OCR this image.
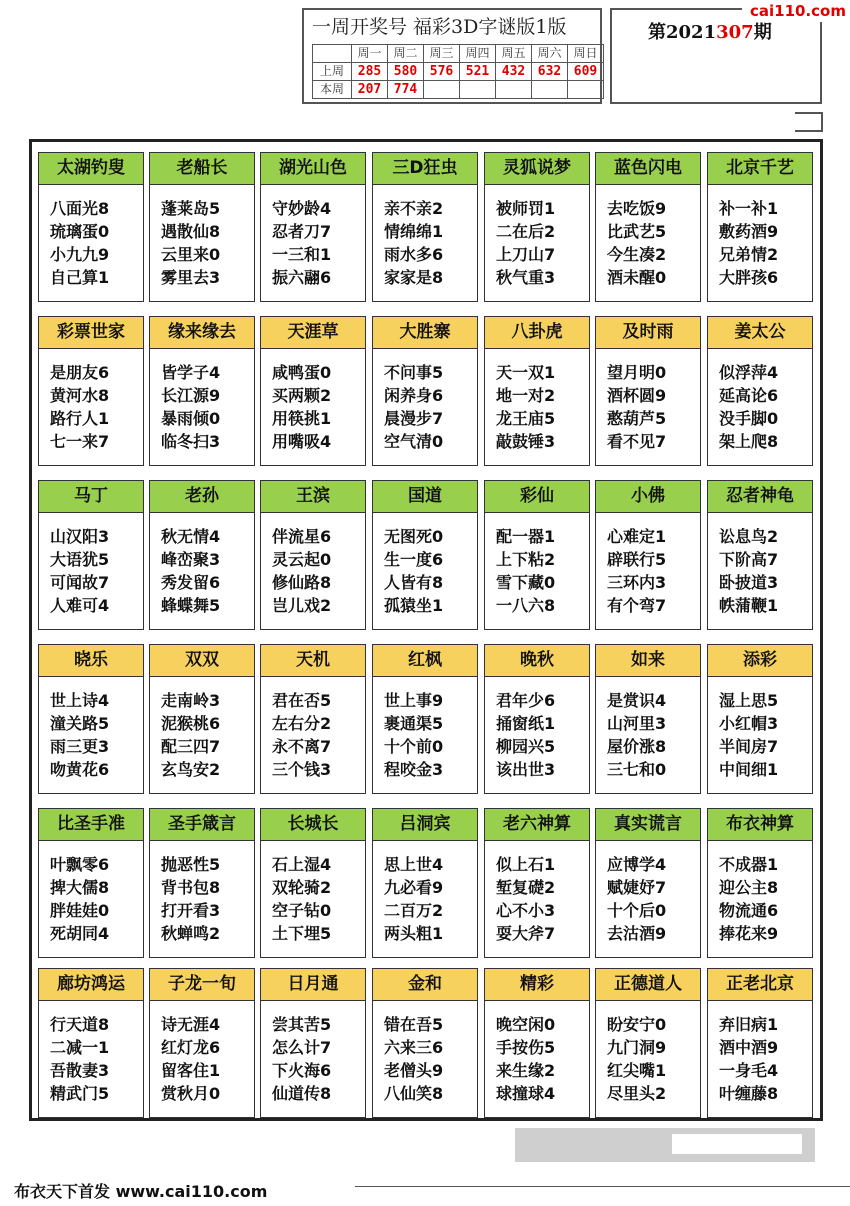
一周开奖号 福彩3D字谜版1版
	周一	周二	周三	周四	周五	周六	周日
上周	285	580	576	521	432	632	609
本周	207	774					
第2021307期
cai110.com
太湖钓叟
八面光8
琉璃蛋0
小九九9
自己算1
老船长
蓬莱岛5
遇散仙8
云里来0
雾里去3
湖光山色
守妙龄4
忍者刀7
一三和1
振六翮6
三D狂虫
亲不亲2
情绵绵1
雨水多6
家家是8
灵狐说梦
被师罚1
二在后2
上刀山7
秋气重3
蓝色闪电
去吃饭9
比武艺5
今生凑2
酒未醒0
北京千艺
补一补1
敷药酒9
兄弟情2
大胖孩6
彩票世家
是朋友6
黄河水8
路行人1
七一来7
缘来缘去
皆学子4
长江源9
暴雨倾0
临冬扫3
天涯草
咸鸭蛋0
买两颗2
用筷挑1
用嘴吸4
大胜寨
不问事5
闲养身6
晨漫步7
空气清0
八卦虎
天一双1
地一对2
龙王庙5
敲鼓锤3
及时雨
望月明0
酒杯圆9
憨葫芦5
看不见7
姜太公
似浮萍4
延高论6
没手脚0
架上爬8
马丁
山汉阳3
大语犹5
可闻故7
人难可4
老孙
秋无情4
峰峦聚3
秀发留6
蜂蝶舞5
王滨
伴流星6
灵云起0
修仙路8
岂儿戏2
国道
无图死0
生一度6
人皆有8
孤猿坐1
彩仙
配一器1
上下粘2
雪下藏0
一八六8
小佛
心难定1
辟联行5
三环内3
有个弯7
忍者神龟
讼息鸟2
下阶高7
卧披道3
帙蒲鞭1
晓乐
世上诗4
潼关路5
雨三更3
吻黄花6
双双
走南岭3
泥猴桃6
配三四7
玄鸟安2
天机
君在否5
左右分2
永不离7
三个钱3
红枫
世上事9
裹通渠5
十个前0
程咬金3
晚秋
君年少6
捅窗纸1
柳园兴5
该出世3
如来
是赏识4
山河里3
屋价涨8
三七和0
添彩
湿上思5
小红帽3
半间房7
中间细1
比圣手准
叶飘零6
捭大儒8
胖娃娃0
死胡同4
圣手箴言
抛恶性5
背书包8
打开看3
秋蝉鸣2
长城长
石上湿4
双轮骑2
空子钻0
土下埋5
吕洞宾
思上世4
九必看9
二百万2
两头粗1
老六神算
似上石1
堑复礎2
心不小3
耍大斧7
真实谎言
应博学4
赋婕妤7
十个后0
去沽酒9
布衣神算
不成器1
迎公主8
物流通6
捧花来9
廊坊鸿运
行天道8
二减一1
吾散妻3
精武门5
子龙一旬
诗无涯4
红灯龙6
留客住1
赏秋月0
日月通
尝其苦5
怎么计7
下火海6
仙道传8
金和
错在吾5
六来三6
老僧头9
八仙笑8
精彩
晚空闲0
手按伤5
来生缘2
球撞球4
正德道人
盼安宁0
九门洞9
红尖嘴1
尽里头2
正老北京
弃旧病1
酒中酒9
一身毛4
叶缠藤8
布衣天下首发 www.cai110.com
